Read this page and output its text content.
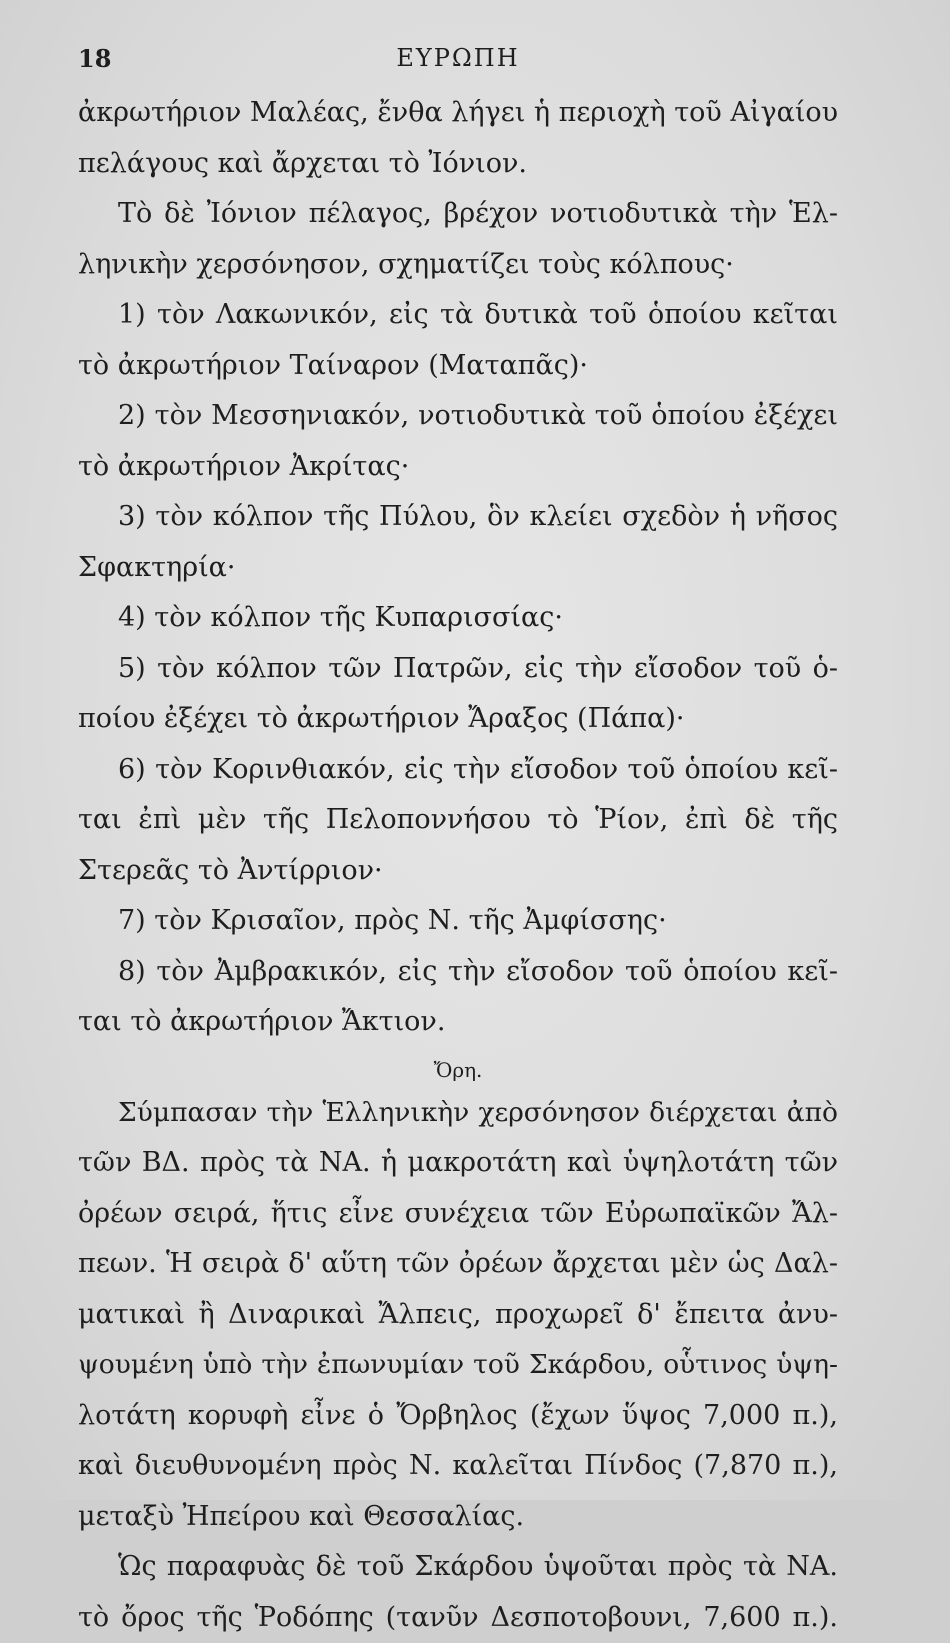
18	ΕΥΡΩΠΗ
ἀκρωτήριον Μαλέας, ἔνθα λήγει ἡ περιοχὴ τοῦ Αἰγαίου
πελάγους καὶ ἄρχεται τὸ Ἰόνιον.
Τὸ δὲ Ἰόνιον πέλαγος, βρέχον νοτιοδυτικὰ τὴν Ἑλ-
ληνικὴν χερσόνησον, σχηματίζει τοὺς κόλπους·
1) τὸν Λακωνικόν, εἰς τὰ δυτικὰ τοῦ ὁποίου κεῖται
τὸ ἀκρωτήριον Ταίναρον (Ματαπᾶς)·
2) τὸν Μεσσηνιακόν, νοτιοδυτικὰ τοῦ ὁποίου ἐξέχει
τὸ ἀκρωτήριον Ἀκρίτας·
3) τὸν κόλπον τῆς Πύλου, ὃν κλείει σχεδὸν ἡ νῆσος
Σφακτηρία·
4) τὸν κόλπον τῆς Κυπαρισσίας·
5) τὸν κόλπον τῶν Πατρῶν, εἰς τὴν εἴσοδον τοῦ ὁ-
ποίου ἐξέχει τὸ ἀκρωτήριον Ἄραξος (Πάπα)·
6) τὸν Κορινθιακόν, εἰς τὴν εἴσοδον τοῦ ὁποίου κεῖ-
ται ἐπὶ μὲν τῆς Πελοποννήσου τὸ Ῥίον, ἐπὶ δὲ τῆς
Στερεᾶς τὸ Ἀντίρριον·
7) τὸν Κρισαῖον, πρὸς Ν. τῆς Ἀμφίσσης·
8) τὸν Ἀμβρακικόν, εἰς τὴν εἴσοδον τοῦ ὁποίου κεῖ-
ται τὸ ἀκρωτήριον Ἄκτιον.
Ὄρη.
Σύμπασαν τὴν Ἑλληνικὴν χερσόνησον διέρχεται ἀπὸ
τῶν ΒΔ. πρὸς τὰ ΝΑ. ἡ μακροτάτη καὶ ὑψηλοτάτη τῶν
ὀρέων σειρά, ἥτις εἶνε συνέχεια τῶν Εὐρωπαϊκῶν Ἄλ-
πεων. Ἡ σειρὰ δ' αὕτη τῶν ὀρέων ἄρχεται μὲν ὡς Δαλ-
ματικαὶ ἢ Διναρικαὶ Ἄλπεις, προχωρεῖ δ' ἔπειτα ἀνυ-
ψουμένη ὑπὸ τὴν ἐπωνυμίαν τοῦ Σκάρδου, οὗτινος ὑψη-
λοτάτη κορυφὴ εἶνε ὁ Ὄρβηλος (ἔχων ὕψος 7,000 π.),
καὶ διευθυνομένη πρὸς Ν. καλεῖται Πίνδος (7,870 π.),
μεταξὺ Ἠπείρου καὶ Θεσσαλίας.
Ὡς παραφυὰς δὲ τοῦ Σκάρδου ὑψοῦται πρὸς τὰ ΝΑ.
τὸ ὄρος τῆς Ῥοδόπης (τανῦν Δεσποτοβουνι, 7,600 π.).
